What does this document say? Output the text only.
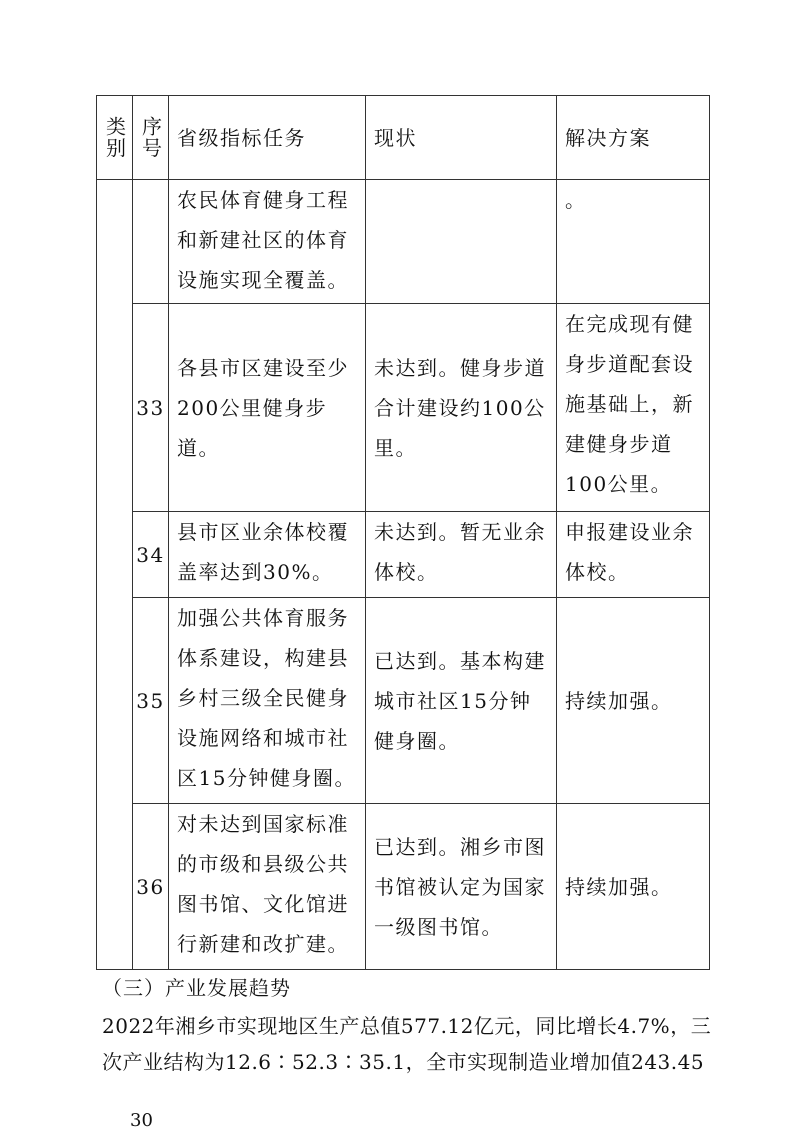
类别	序号	省级指标任务	现状	解决方案
		农民体育健身工程和新建社区的体育设施实现全覆盖。		。
	33	各县市区建设至少200公里健身步道。	未达到。健身步道合计建设约100公里。	在完成现有健身步道配套设施基础上，新建健身步道100公里。
	34	县市区业余体校覆盖率达到30%。	未达到。暂无业余体校。	申报建设业余体校。
	35	加强公共体育服务体系建设，构建县乡村三级全民健身设施网络和城市社区15分钟健身圈。	已达到。基本构建城市社区15分钟健身圈。	持续加强。
	36	对未达到国家标准的市级和县级公共图书馆、文化馆进行新建和改扩建。	已达到。湘乡市图书馆被认定为国家一级图书馆。	持续加强。
（三）产业发展趋势
2022年湘乡市实现地区生产总值577.12亿元，同比增长4.7%，三次产业结构为12.6∶52.3∶35.1，全市实现制造业增加值243.45
30
